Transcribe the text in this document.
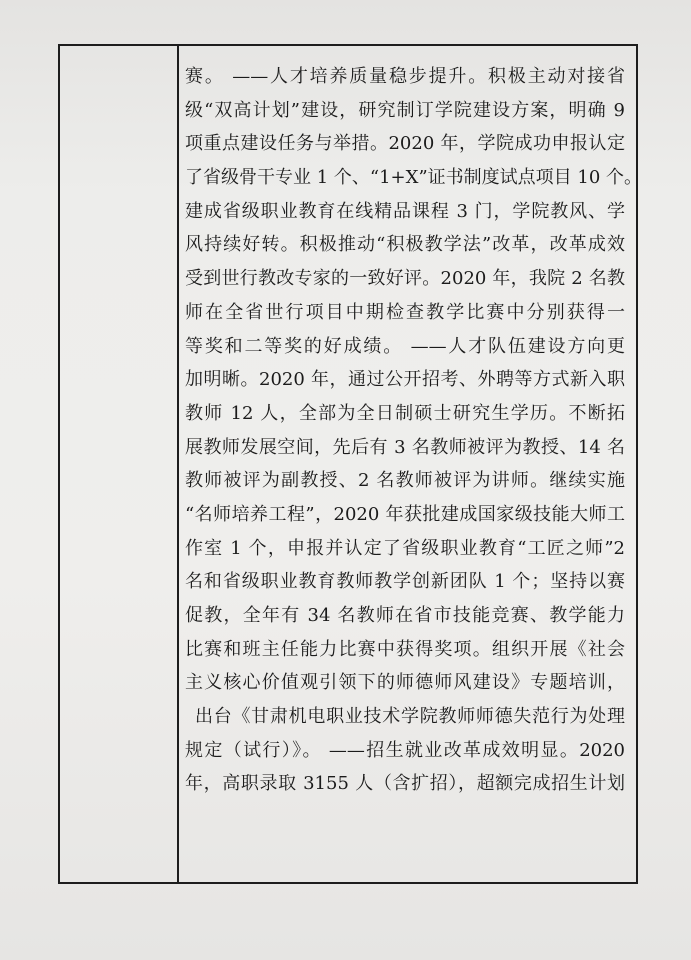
赛。 ——人才培养质量稳步提升。积极主动对接省
级“双高计划”建设，研究制订学院建设方案，明确 9
项重点建设任务与举措。2020 年，学院成功申报认定
了省级骨干专业 1 个、“1+X”证书制度试点项目 10 个。
建成省级职业教育在线精品课程 3 门，学院教风、学
风持续好转。积极推动“积极教学法”改革，改革成效
受到世行教改专家的一致好评。2020 年，我院 2 名教
师在全省世行项目中期检查教学比赛中分别获得一
等奖和二等奖的好成绩。 ——人才队伍建设方向更
加明晰。2020 年，通过公开招考、外聘等方式新入职
教师 12 人，全部为全日制硕士研究生学历。不断拓
展教师发展空间，先后有 3 名教师被评为教授、14 名
教师被评为副教授、2 名教师被评为讲师。继续实施
“名师培养工程”，2020 年获批建成国家级技能大师工
作室 1 个，申报并认定了省级职业教育“工匠之师”2
名和省级职业教育教师教学创新团队 1 个；坚持以赛
促教，全年有 34 名教师在省市技能竞赛、教学能力
比赛和班主任能力比赛中获得奖项。组织开展《社会
主义核心价值观引领下的师德师风建设》专题培训，
出台《甘肃机电职业技术学院教师师德失范行为处理
规定（试行）》。 ——招生就业改革成效明显。2020
年，高职录取 3155 人（含扩招），超额完成招生计划
